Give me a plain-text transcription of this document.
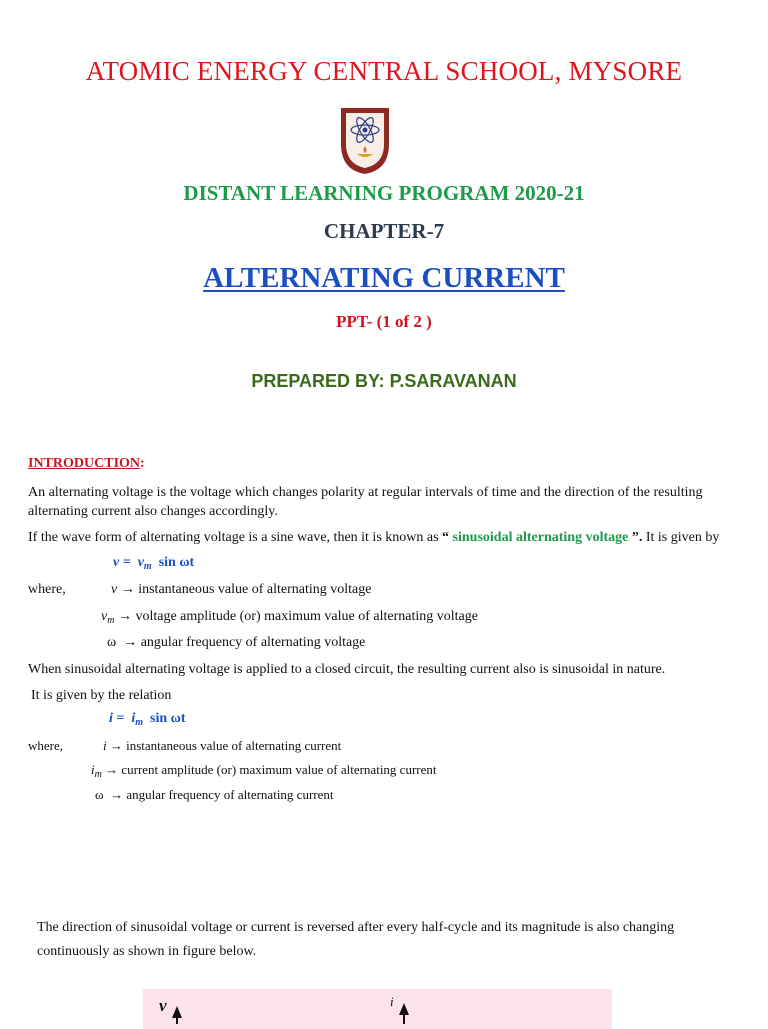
ATOMIC ENERGY CENTRAL SCHOOL, MYSORE
DISTANT LEARNING PROGRAM 2020-21
CHAPTER-7
ALTERNATING CURRENT
PPT- (1 of 2 )
PREPARED BY: P.SARAVANAN
INTRODUCTION:
An alternating voltage is the voltage which changes polarity at regular intervals of time and the direction of the resulting alternating current also changes accordingly.
If the wave form of alternating voltage is a sine wave, then it is known as “ sinusoidal alternating voltage ”. It is given by
$v = v_m$ sin ωt
where,	v → instantaneous value of alternating voltage
$v_m$ → voltage amplitude (or) maximum value of alternating voltage
ω → angular frequency of alternating voltage
When sinusoidal alternating voltage is applied to a closed circuit, the resulting current also is sinusoidal in nature.
It is given by the relation
$i = i_m$ sin ωt
where,	i → instantaneous value of alternating current
$i_m$ → current amplitude (or) maximum value of alternating current
ω → angular frequency of alternating current
The direction of sinusoidal voltage or current is reversed after every half-cycle and its magnitude is also changing continuously as shown in figure below.
v	i
